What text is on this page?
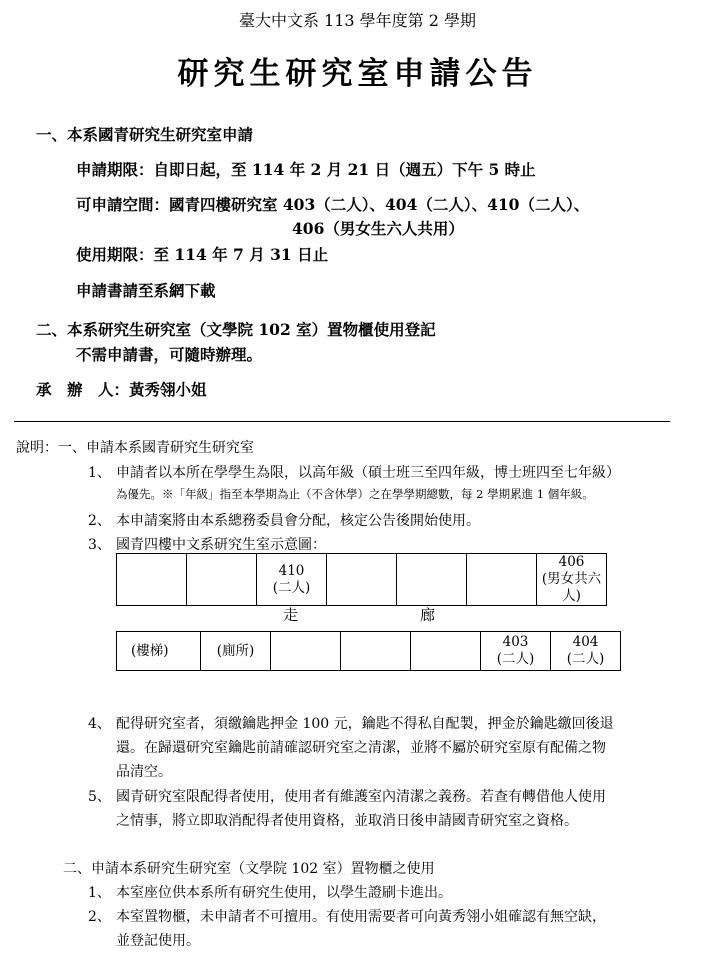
臺大中文系 113 學年度第 2 學期
研究生研究室申請公告
一、本系國青研究生研究室申請
申請期限：自即日起，至 114 年 2 月 21 日（週五）下午 5 時止
可申請空間：國青四樓研究室 403（二人）、404（二人）、410（二人）、
406（男女生六人共用）
使用期限：至 114 年 7 月 31 日止
申請書請至系網下載
二、本系研究生研究室（文學院 102 室）置物櫃使用登記
不需申請書，可隨時辦理。
承　辦　人：黃秀翎小姐
說明：一、申請本系國青研究生研究室
1、 申請者以本所在學學生為限，以高年級（碩士班三至四年級，博士班四至七年級）
為優先。※「年級」指至本學期為止（不含休學）之在學學期總數，每 2 學期累進 1 個年級。
2、 本申請案將由本系總務委員會分配，核定公告後開始使用。
3、 國青四樓中文系研究生室示意圖：
		410
(二人)				406
(男女共六人)
走	廊
(樓梯)	(廁所)				403
(二人)	404
(二人)
4、 配得研究室者，須繳鑰匙押金 100 元，鑰匙不得私自配製，押金於鑰匙繳回後退
還。在歸還研究室鑰匙前請確認研究室之清潔，並將不屬於研究室原有配備之物
品清空。
5、 國青研究室限配得者使用，使用者有維護室內清潔之義務。若查有轉借他人使用
之情事，將立即取消配得者使用資格，並取消日後申請國青研究室之資格。
二、申請本系研究生研究室（文學院 102 室）置物櫃之使用
1、 本室座位供本系所有研究生使用，以學生證刷卡進出。
2、 本室置物櫃，未申請者不可擅用。有使用需要者可向黃秀翎小姐確認有無空缺，
並登記使用。
